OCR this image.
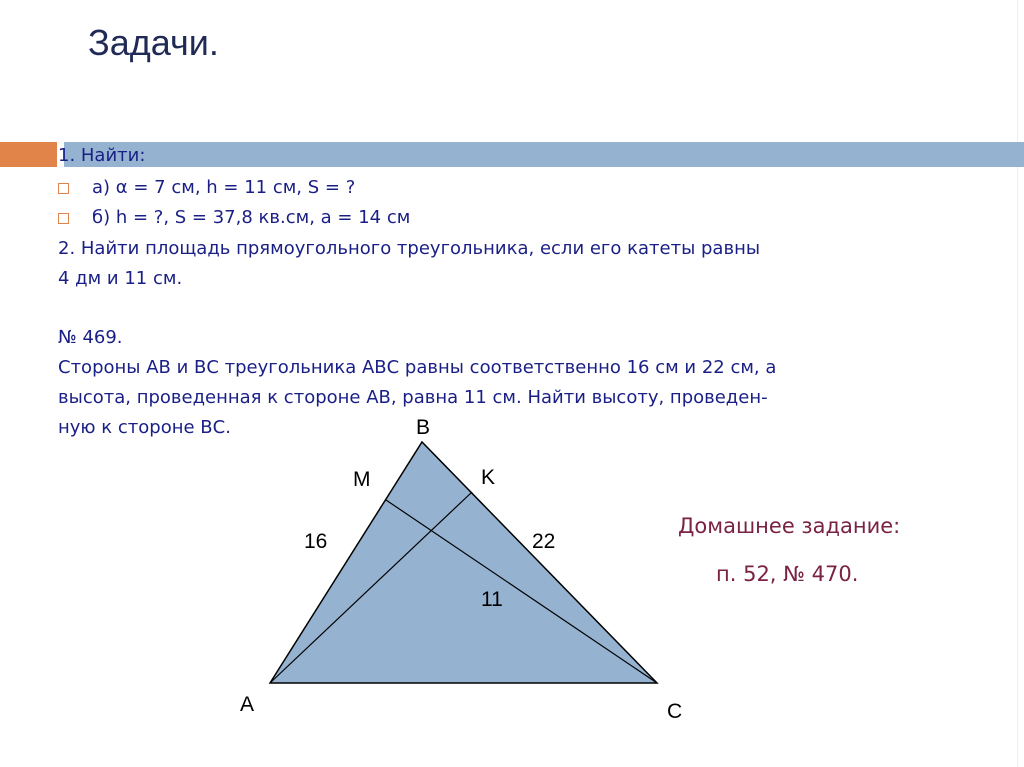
Задачи.
1. Найти:
а) α = 7 см, h = 11 см, S = ?
б) h = ?, S = 37,8 кв.см, a = 14 см
2. Найти площадь прямоугольного треугольника, если его катеты равны
4 дм и 11 см.
№ 469.
Стороны АВ и ВС треугольника АВС равны соответственно 16 см и 22 см, а
высота, проведенная к стороне АВ, равна 11 см. Найти высоту, проведен-
ную к стороне ВС.	B
M	K
16	22
11
A	C
Домашнее задание:
п. 52, № 470.
